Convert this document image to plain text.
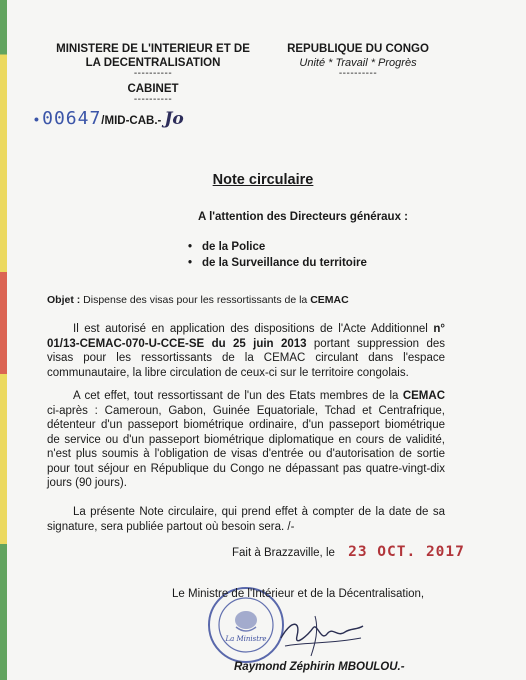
MINISTERE DE L'INTERIEUR ET DE
LA DECENTRALISATION
----------
CABINET
----------
REPUBLIQUE DU CONGO
Unité * Travail * Progrès
----------
• 00647/MID-CAB.- Jo
Note circulaire
A l'attention des Directeurs généraux :
• de la Police
• de la Surveillance du territoire
Objet : Dispense des visas pour les ressortissants de la CEMAC
Il est autorisé en application des dispositions de l'Acte Additionnel n° 01/13-CEMAC-070-U-CCE-SE du 25 juin 2013 portant suppression des visas pour les ressortissants de la CEMAC circulant dans l'espace communautaire, la libre circulation de ceux-ci sur le territoire congolais.
A cet effet, tout ressortissant de l'un des Etats membres de la CEMAC ci-après : Cameroun, Gabon, Guinée Equatoriale, Tchad et Centrafrique, détenteur d'un passeport biométrique ordinaire, d'un passeport biométrique de service ou d'un passeport biométrique diplomatique en cours de validité, n'est plus soumis à l'obligation de visas d'entrée ou d'autorisation de sortie pour tout séjour en République du Congo ne dépassant pas quatre-vingt-dix jours (90 jours).
La présente Note circulaire, qui prend effet à compter de la date de sa signature, sera publiée partout où besoin sera. /-
Fait à Brazzaville, le 23 OCT. 2017
La Ministre
Le Ministre de l'Intérieur et de la Décentralisation,
Raymond Zéphirin MBOULOU.-
